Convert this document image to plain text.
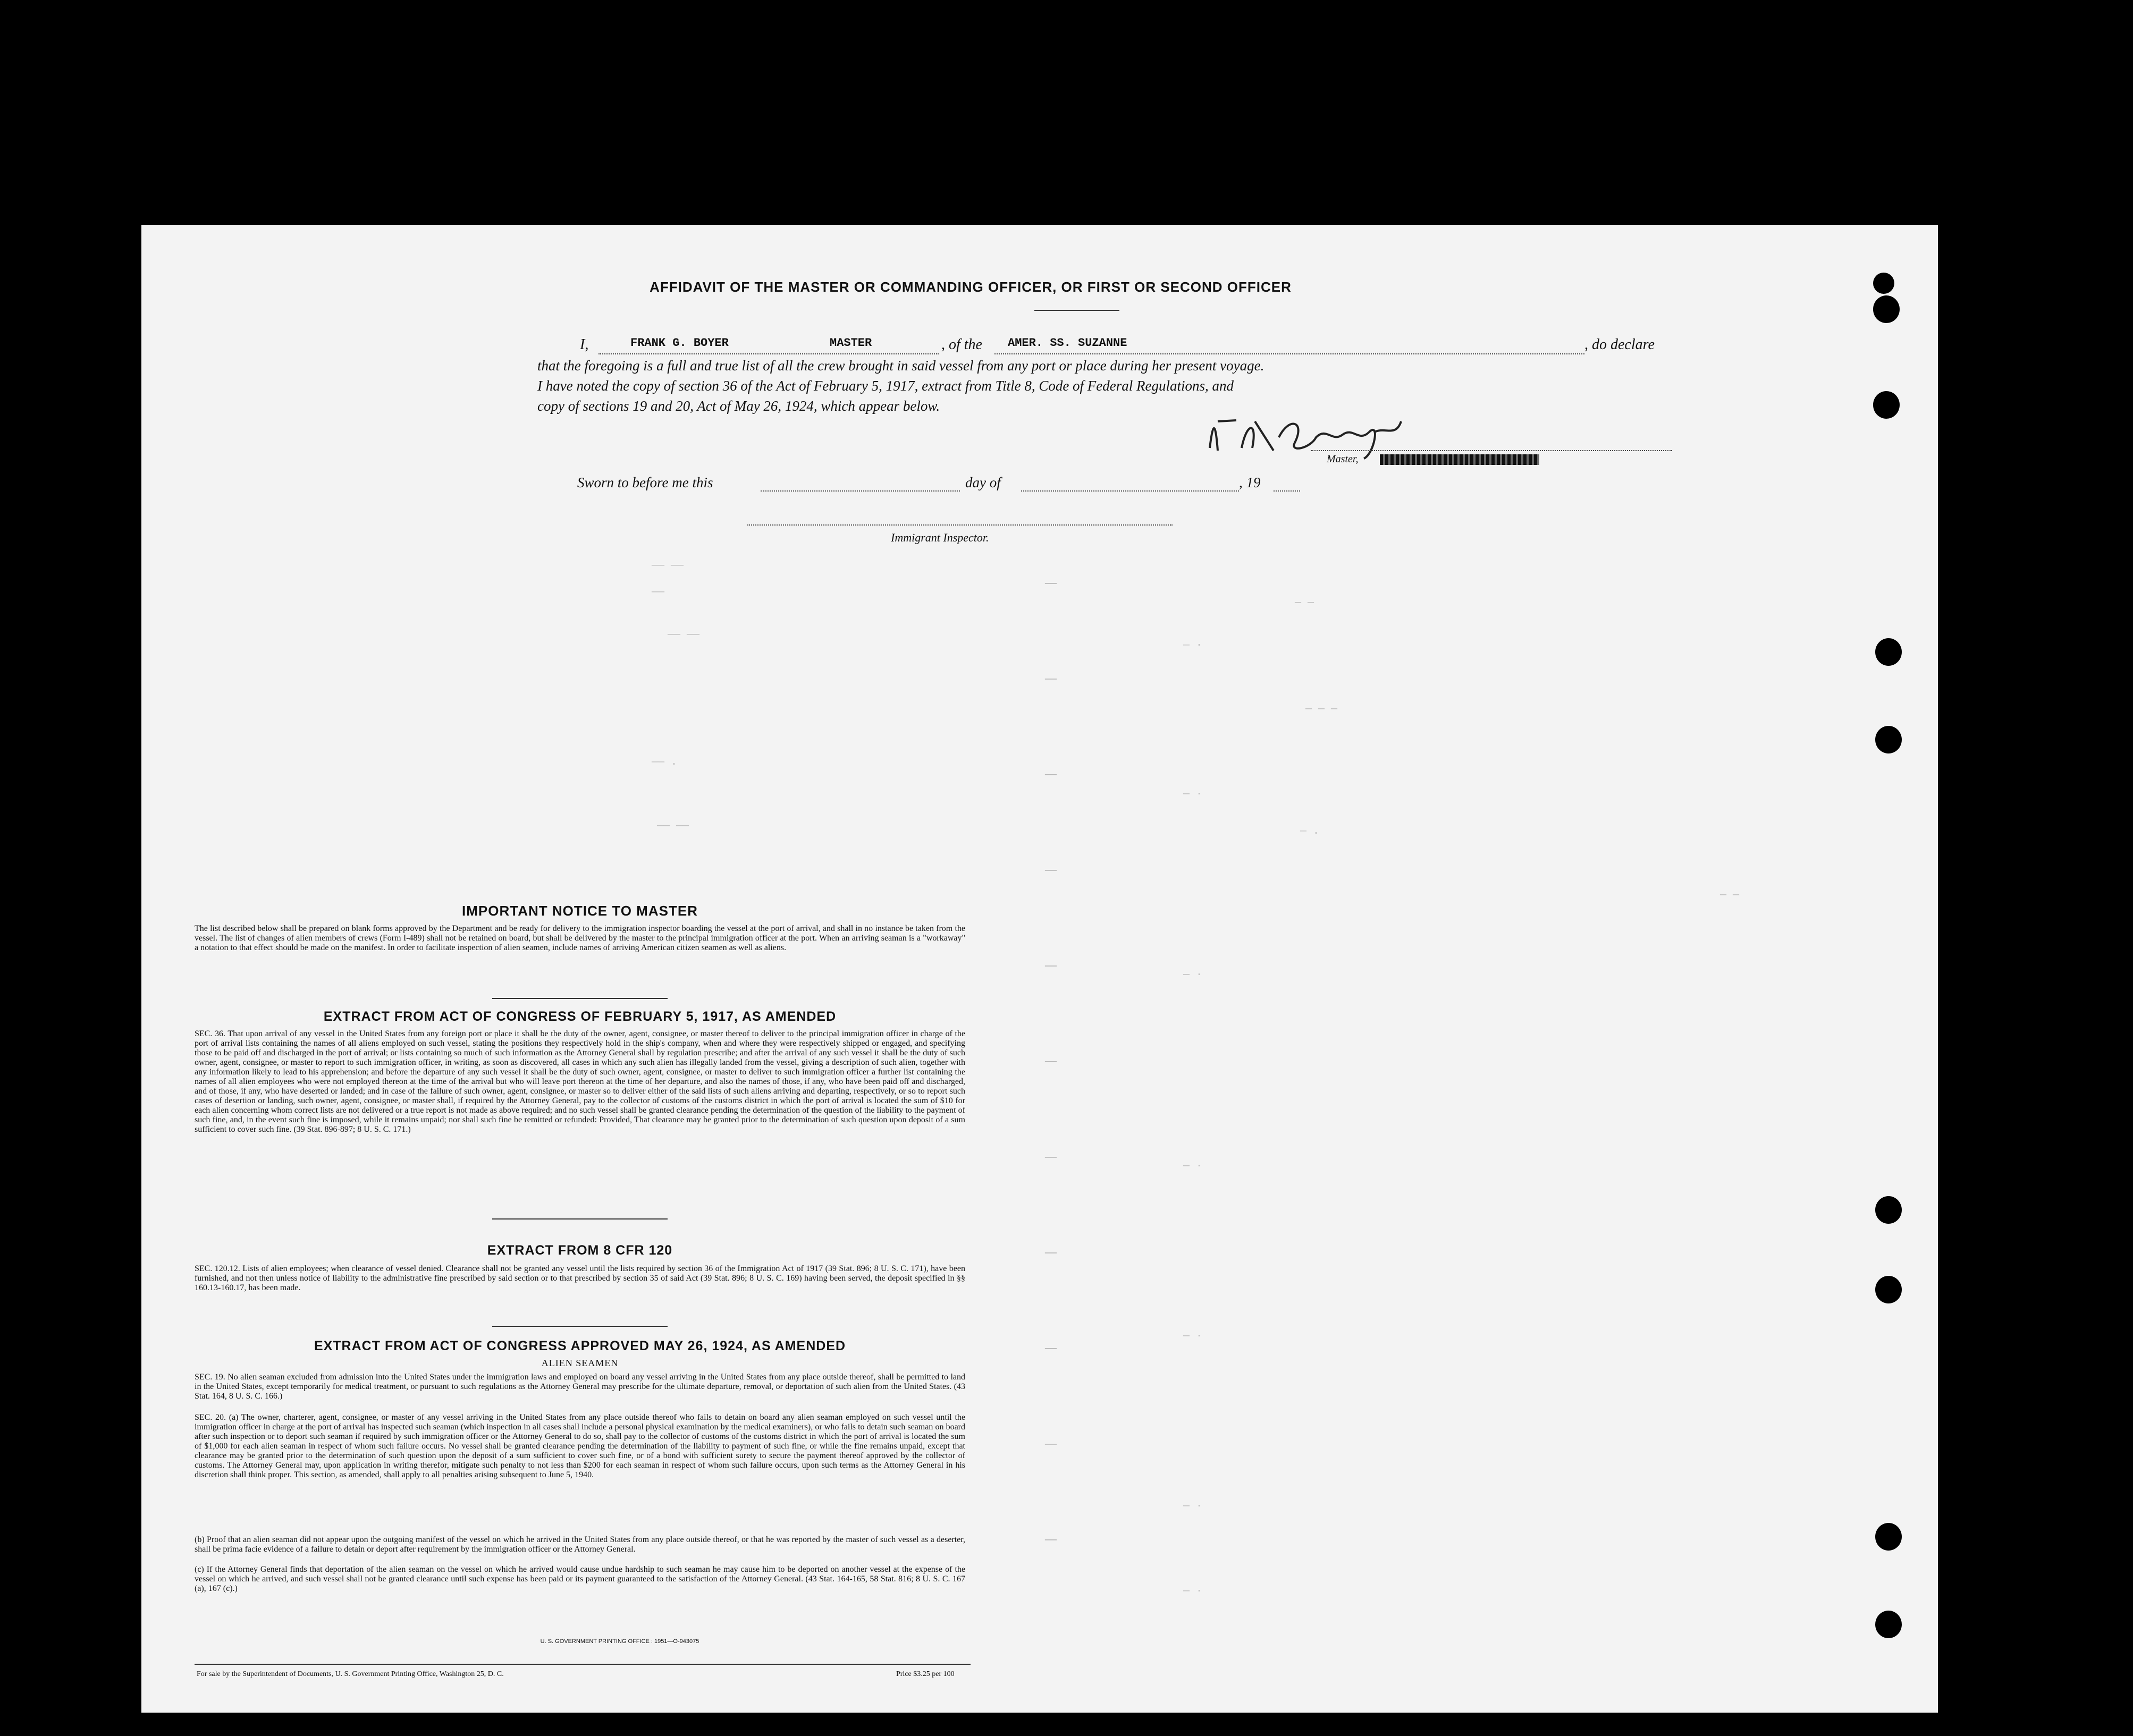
AFFIDAVIT OF THE MASTER OR COMMANDING OFFICER, OR FIRST OR SECOND OFFICER
I,	FRANK G. BOYER	MASTER	, of the AMER. SS. SUZANNE	, do declare
that the foregoing is a full and true list of all the crew brought in said vessel from any port or place during her present voyage.
I have noted the copy of section 36 of the Act of February 5, 1917, extract from Title 8, Code of Federal Regulations, and
copy of sections 19 and 20, Act of May 26, 1924, which appear below.
Master,
Sworn to before me this	day of	, 19
Immigrant Inspector.
—— ——
——
—— ——
—— .
—— ——
— —
— — —
— .
— —
—
—
—
—
—
—
—
—
—
—
—
— ·
— ·
— ·
— ·
— ·
— ·
— ·
IMPORTANT NOTICE TO MASTER
The list described below shall be prepared on blank forms approved by the Department and be ready for delivery to the immigration inspector boarding the vessel at the port of arrival, and shall in no instance be taken from the vessel. The list of changes of alien members of crews (Form I-489) shall not be retained on board, but shall be delivered by the master to the principal immigration officer at the port. When an arriving seaman is a "workaway" a notation to that effect should be made on the manifest. In order to facilitate inspection of alien seamen, include names of arriving American citizen seamen as well as aliens.
EXTRACT FROM ACT OF CONGRESS OF FEBRUARY 5, 1917, AS AMENDED
SEC. 36. That upon arrival of any vessel in the United States from any foreign port or place it shall be the duty of the owner, agent, consignee, or master thereof to deliver to the principal immigration officer in charge of the port of arrival lists containing the names of all aliens employed on such vessel, stating the positions they respectively hold in the ship's company, when and where they were respectively shipped or engaged, and specifying those to be paid off and discharged in the port of arrival; or lists containing so much of such information as the Attorney General shall by regulation prescribe; and after the arrival of any such vessel it shall be the duty of such owner, agent, consignee, or master to report to such immigration officer, in writing, as soon as discovered, all cases in which any such alien has illegally landed from the vessel, giving a description of such alien, together with any information likely to lead to his apprehension; and before the departure of any such vessel it shall be the duty of such owner, agent, consignee, or master to deliver to such immigration officer a further list containing the names of all alien employees who were not employed thereon at the time of the arrival but who will leave port thereon at the time of her departure, and also the names of those, if any, who have been paid off and discharged, and of those, if any, who have deserted or landed; and in case of the failure of such owner, agent, consignee, or master so to deliver either of the said lists of such aliens arriving and departing, respectively, or so to report such cases of desertion or landing, such owner, agent, consignee, or master shall, if required by the Attorney General, pay to the collector of customs of the customs district in which the port of arrival is located the sum of $10 for each alien concerning whom correct lists are not delivered or a true report is not made as above required; and no such vessel shall be granted clearance pending the determination of the question of the liability to the payment of such fine, and, in the event such fine is imposed, while it remains unpaid; nor shall such fine be remitted or refunded: Provided, That clearance may be granted prior to the determination of such question upon deposit of a sum sufficient to cover such fine. (39 Stat. 896-897; 8 U. S. C. 171.)
EXTRACT FROM 8 CFR 120
SEC. 120.12. Lists of alien employees; when clearance of vessel denied. Clearance shall not be granted any vessel until the lists required by section 36 of the Immigration Act of 1917 (39 Stat. 896; 8 U. S. C. 171), have been furnished, and not then unless notice of liability to the administrative fine prescribed by said section or to that prescribed by section 35 of said Act (39 Stat. 896; 8 U. S. C. 169) having been served, the deposit specified in §§ 160.13-160.17, has been made.
EXTRACT FROM ACT OF CONGRESS APPROVED MAY 26, 1924, AS AMENDED
ALIEN SEAMEN
SEC. 19. No alien seaman excluded from admission into the United States under the immigration laws and employed on board any vessel arriving in the United States from any place outside thereof, shall be permitted to land in the United States, except temporarily for medical treatment, or pursuant to such regulations as the Attorney General may prescribe for the ultimate departure, removal, or deportation of such alien from the United States. (43 Stat. 164, 8 U. S. C. 166.)
SEC. 20. (a) The owner, charterer, agent, consignee, or master of any vessel arriving in the United States from any place outside thereof who fails to detain on board any alien seaman employed on such vessel until the immigration officer in charge at the port of arrival has inspected such seaman (which inspection in all cases shall include a personal physical examination by the medical examiners), or who fails to detain such seaman on board after such inspection or to deport such seaman if required by such immigration officer or the Attorney General to do so, shall pay to the collector of customs of the customs district in which the port of arrival is located the sum of $1,000 for each alien seaman in respect of whom such failure occurs. No vessel shall be granted clearance pending the determination of the liability to payment of such fine, or while the fine remains unpaid, except that clearance may be granted prior to the determination of such question upon the deposit of a sum sufficient to cover such fine, or of a bond with sufficient surety to secure the payment thereof approved by the collector of customs. The Attorney General may, upon application in writing therefor, mitigate such penalty to not less than $200 for each seaman in respect of whom such failure occurs, upon such terms as the Attorney General in his discretion shall think proper. This section, as amended, shall apply to all penalties arising subsequent to June 5, 1940.
(b) Proof that an alien seaman did not appear upon the outgoing manifest of the vessel on which he arrived in the United States from any place outside thereof, or that he was reported by the master of such vessel as a deserter, shall be prima facie evidence of a failure to detain or deport after requirement by the immigration officer or the Attorney General.
(c) If the Attorney General finds that deportation of the alien seaman on the vessel on which he arrived would cause undue hardship to such seaman he may cause him to be deported on another vessel at the expense of the vessel on which he arrived, and such vessel shall not be granted clearance until such expense has been paid or its payment guaranteed to the satisfaction of the Attorney General. (43 Stat. 164-165, 58 Stat. 816; 8 U. S. C. 167 (a), 167 (c).)
U. S. GOVERNMENT PRINTING OFFICE : 1951—O-943075
For sale by the Superintendent of Documents, U. S. Government Printing Office, Washington 25, D. C.	Price $3.25 per 100
